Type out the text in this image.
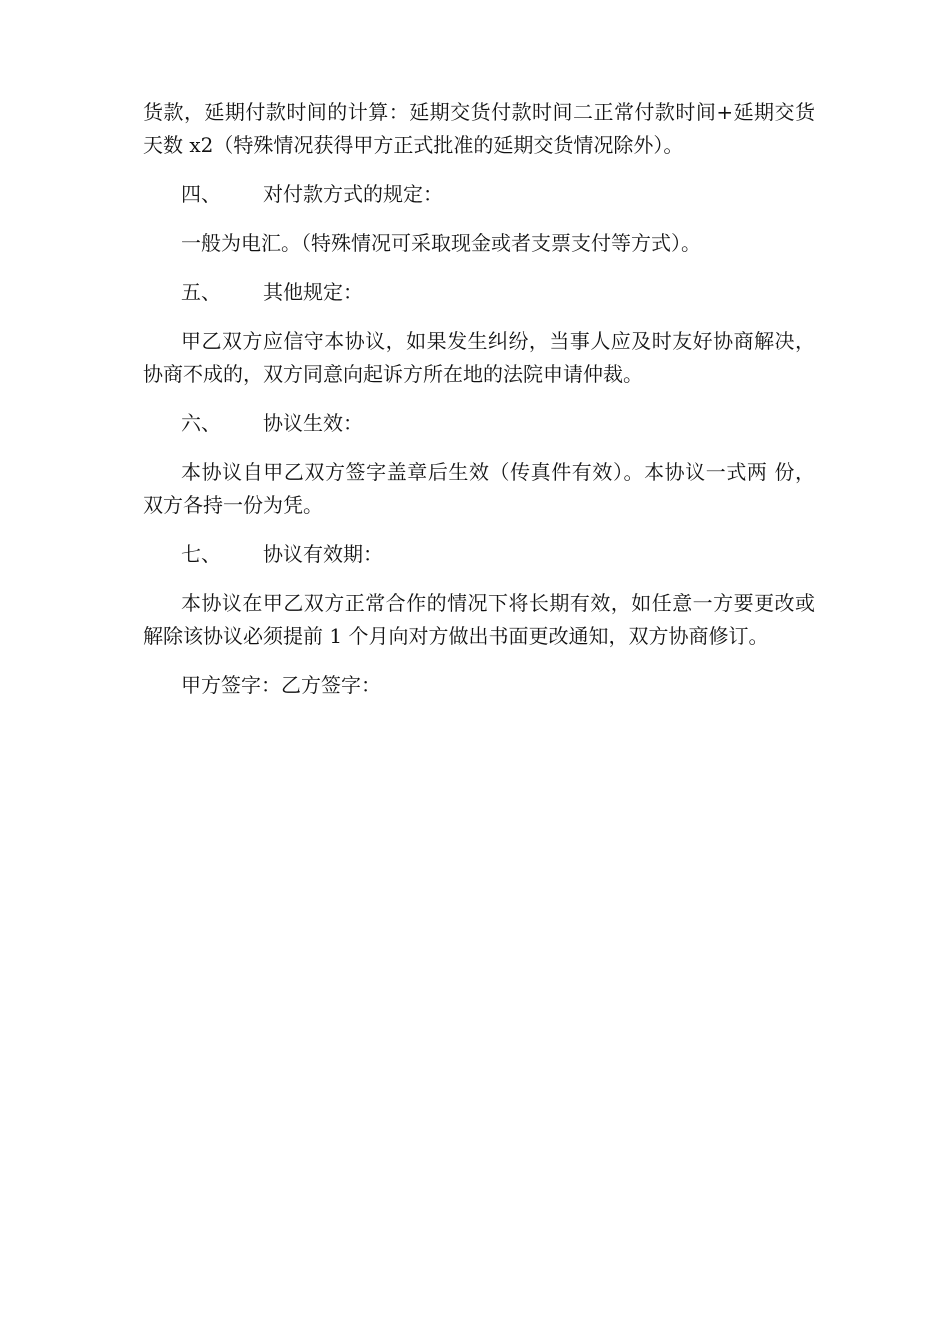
货款，延期付款时间的计算：延期交货付款时间二正常付款时间+延期交货天数 x2（特殊情况获得甲方正式批准的延期交货情况除外）。

四、 对付款方式的规定：

一般为电汇。（特殊情况可采取现金或者支票支付等方式）。

五、 其他规定：

甲乙双方应信守本协议，如果发生纠纷，当事人应及时友好协商解决，协商不成的，双方同意向起诉方所在地的法院申请仲裁。

六、 协议生效：

本协议自甲乙双方签字盖章后生效（传真件有效）。本协议一式两 份，双方各持一份为凭。

七、 协议有效期：

本协议在甲乙双方正常合作的情况下将长期有效，如任意一方要更改或解除该协议必须提前 1 个月向对方做出书面更改通知，双方协商修订。

甲方签字：乙方签字：
